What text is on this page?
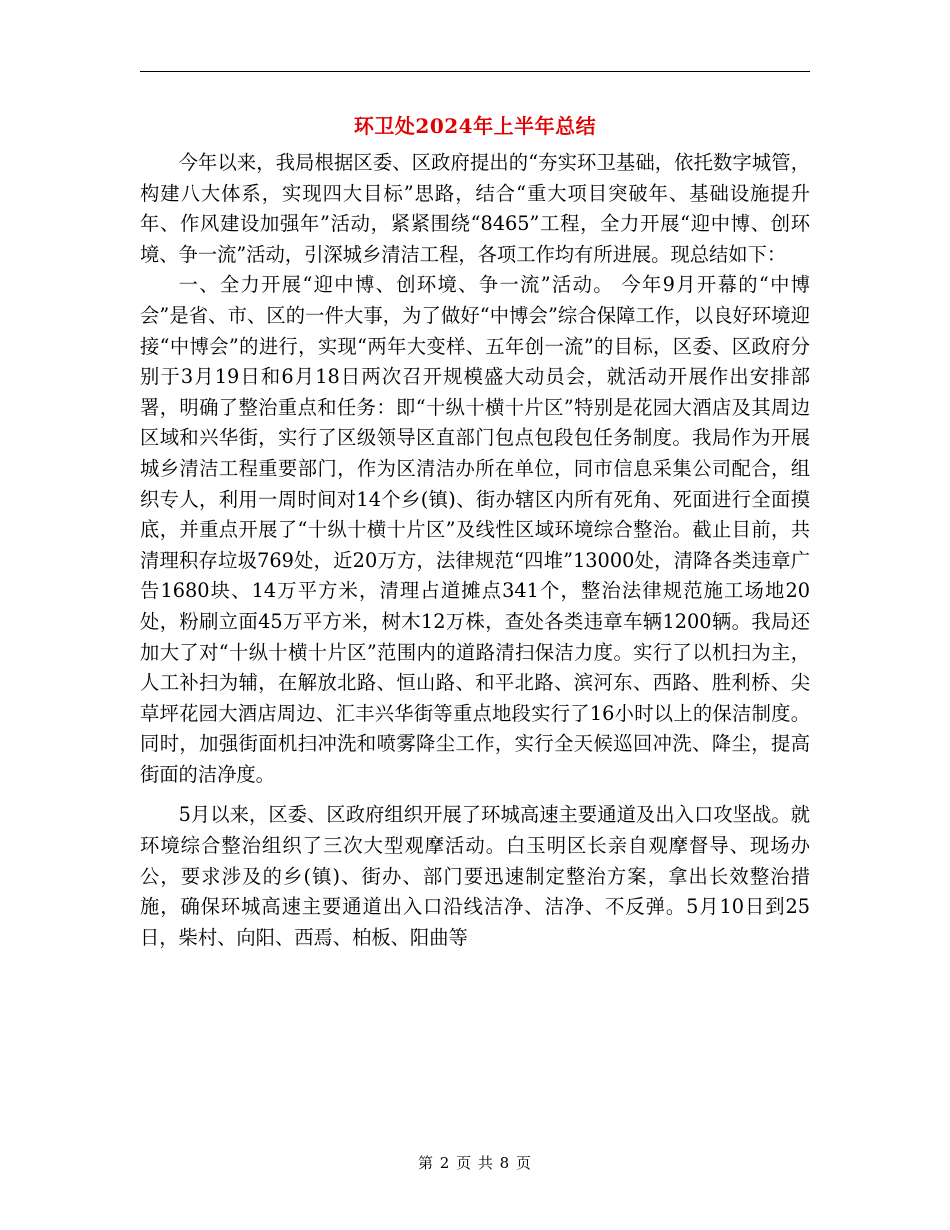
环卫处2024年上半年总结

今年以来，我局根据区委、区政府提出的“夯实环卫基础，依托数字城管，构建八大体系，实现四大目标”思路，结合“重大项目突破年、基础设施提升年、作风建设加强年”活动，紧紧围绕“8465”工程，全力开展“迎中博、创环境、争一流”活动，引深城乡清洁工程，各项工作均有所进展。现总结如下：

一、全力开展“迎中博、创环境、争一流”活动。 今年9月开幕的“中博会”是省、市、区的一件大事，为了做好“中博会”综合保障工作，以良好环境迎接“中博会”的进行，实现“两年大变样、五年创一流”的目标，区委、区政府分别于3月19日和6月18日两次召开规模盛大动员会，就活动开展作出安排部署，明确了整治重点和任务：即“十纵十横十片区”特别是花园大酒店及其周边区域和兴华街，实行了区级领导区直部门包点包段包任务制度。我局作为开展城乡清洁工程重要部门，作为区清洁办所在单位，同市信息采集公司配合，组织专人，利用一周时间对14个乡(镇)、街办辖区内所有死角、死面进行全面摸底，并重点开展了“十纵十横十片区”及线性区域环境综合整治。截止目前，共清理积存垃圾769处，近20万方，法律规范“四堆”13000处，清降各类违章广告1680块、14万平方米，清理占道摊点341个，整治法律规范施工场地20处，粉刷立面45万平方米，树木12万株，查处各类违章车辆1200辆。我局还加大了对“十纵十横十片区”范围内的道路清扫保洁力度。实行了以机扫为主，人工补扫为辅，在解放北路、恒山路、和平北路、滨河东、西路、胜利桥、尖草坪花园大酒店周边、汇丰兴华街等重点地段实行了16小时以上的保洁制度。同时，加强街面机扫冲洗和喷雾降尘工作，实行全天候巡回冲洗、降尘，提高街面的洁净度。

5月以来，区委、区政府组织开展了环城高速主要通道及出入口攻坚战。就环境综合整治组织了三次大型观摩活动。白玉明区长亲自观摩督导、现场办公，要求涉及的乡(镇)、街办、部门要迅速制定整治方案，拿出长效整治措施，确保环城高速主要通道出入口沿线洁净、洁净、不反弹。5月10日到25日，柴村、向阳、西焉、柏板、阳曲等

第 2 页 共 8 页
